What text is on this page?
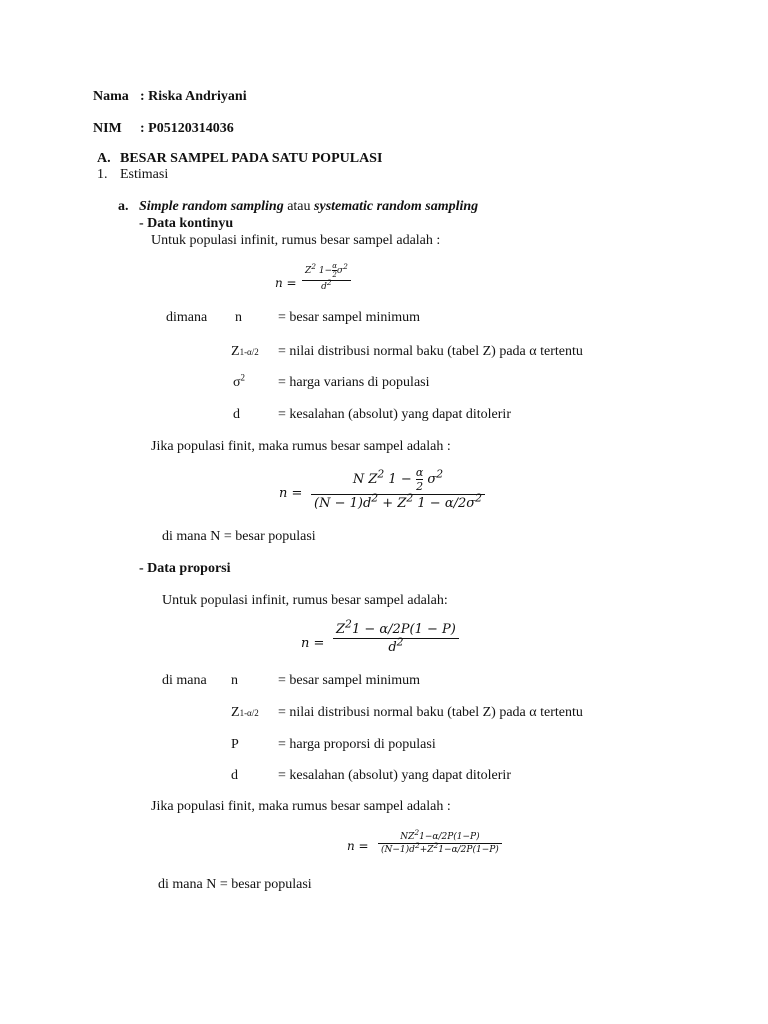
Nama : Riska Andriyani
NIM : P05120314036
A. BESAR SAMPEL PADA SATU POPULASI
1. Estimasi
a. Simple random sampling atau systematic random sampling
- Data kontinyu
Untuk populasi infinit, rumus besar sampel adalah :
n =
$Z^2$ $1- \frac{\alpha}{2} \sigma^2$
$d^2$
dimana n	= besar sampel minimum
Z1-α/2 = nilai distribusi normal baku (tabel Z) pada α tertentu
$\sigma^2$ = harga varians di populasi
d	= kesalahan (absolut) yang dapat ditolerir
Jika populasi finit, maka rumus besar sampel adalah :
n =
N $Z^2$ $1 - \frac{\alpha}{2} \sigma^2$
$(N - 1)d^2 + Z^2$ $1 - \alpha/2\sigma^2$
di mana N = besar populasi
- Data proporsi
Untuk populasi infinit, rumus besar sampel adalah:
n =
$Z^21 - \alpha/2P(1 - P)$
$d^2$
di mana n	= besar sampel minimum
Z1-α/2 = nilai distribusi normal baku (tabel Z) pada α tertentu
P	= harga proporsi di populasi
d	= kesalahan (absolut) yang dapat ditolerir
Jika populasi finit, maka rumus besar sampel adalah :
n =
$NZ^21-\alpha/2P(1-P)$
$(N-1)d^2+Z^21-\alpha/2P(1-P)$
di mana N = besar populasi
